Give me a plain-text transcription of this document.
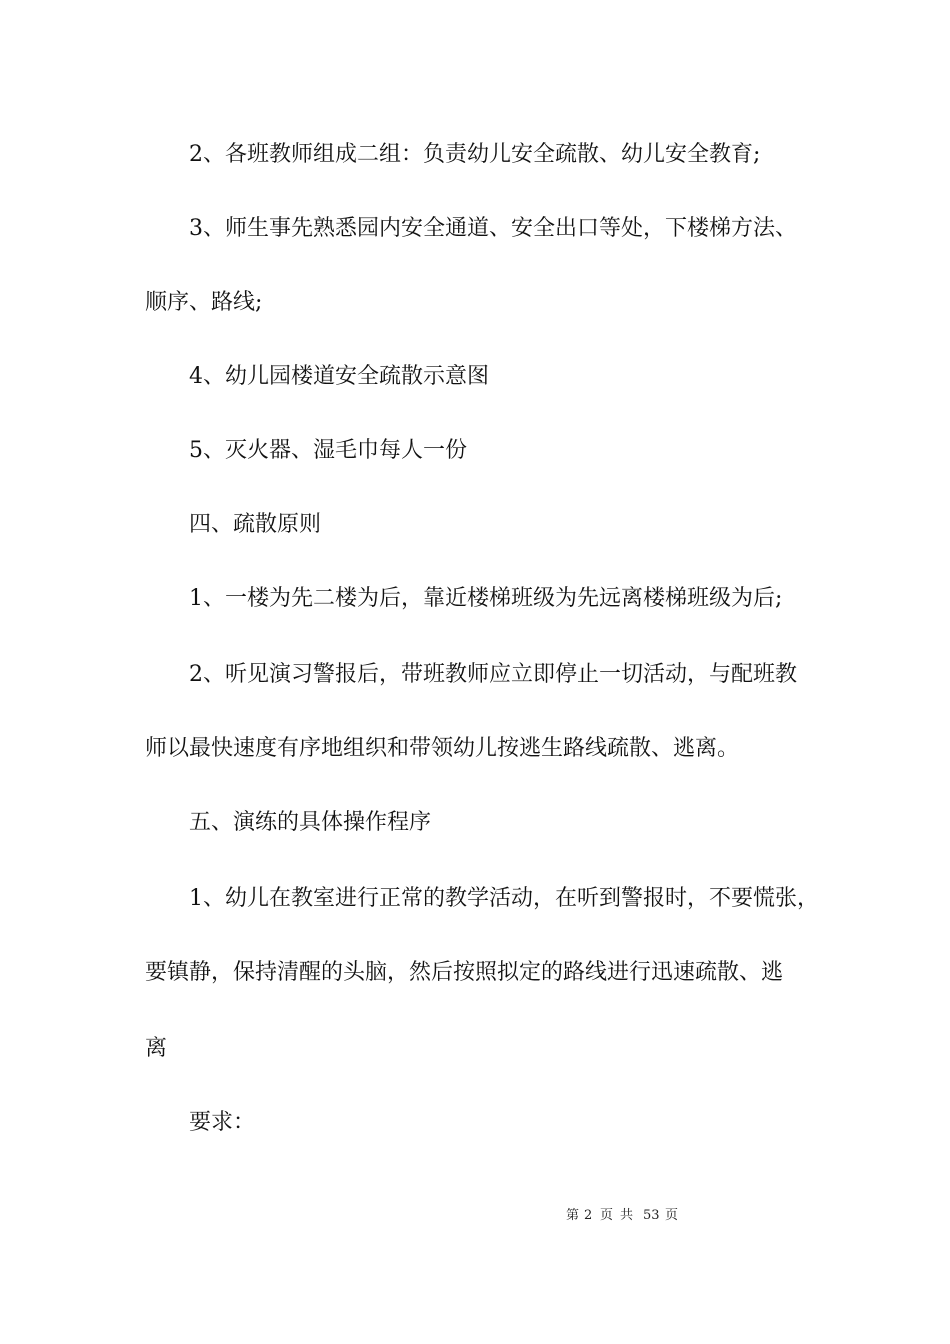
2、各班教师组成二组：负责幼儿安全疏散、幼儿安全教育;

3、师生事先熟悉园内安全通道、安全出口等处，下楼梯方法、

顺序、路线;

4、幼儿园楼道安全疏散示意图

5、灭火器、湿毛巾每人一份

四、疏散原则

1、一楼为先二楼为后，靠近楼梯班级为先远离楼梯班级为后;

2、听见演习警报后，带班教师应立即停止一切活动，与配班教

师以最快速度有序地组织和带领幼儿按逃生路线疏散、逃离。

五、演练的具体操作程序

1、幼儿在教室进行正常的教学活动，在听到警报时，不要慌张，

要镇静，保持清醒的头脑，然后按照拟定的路线进行迅速疏散、逃

离

要求：

第 2 页 共 53 页
